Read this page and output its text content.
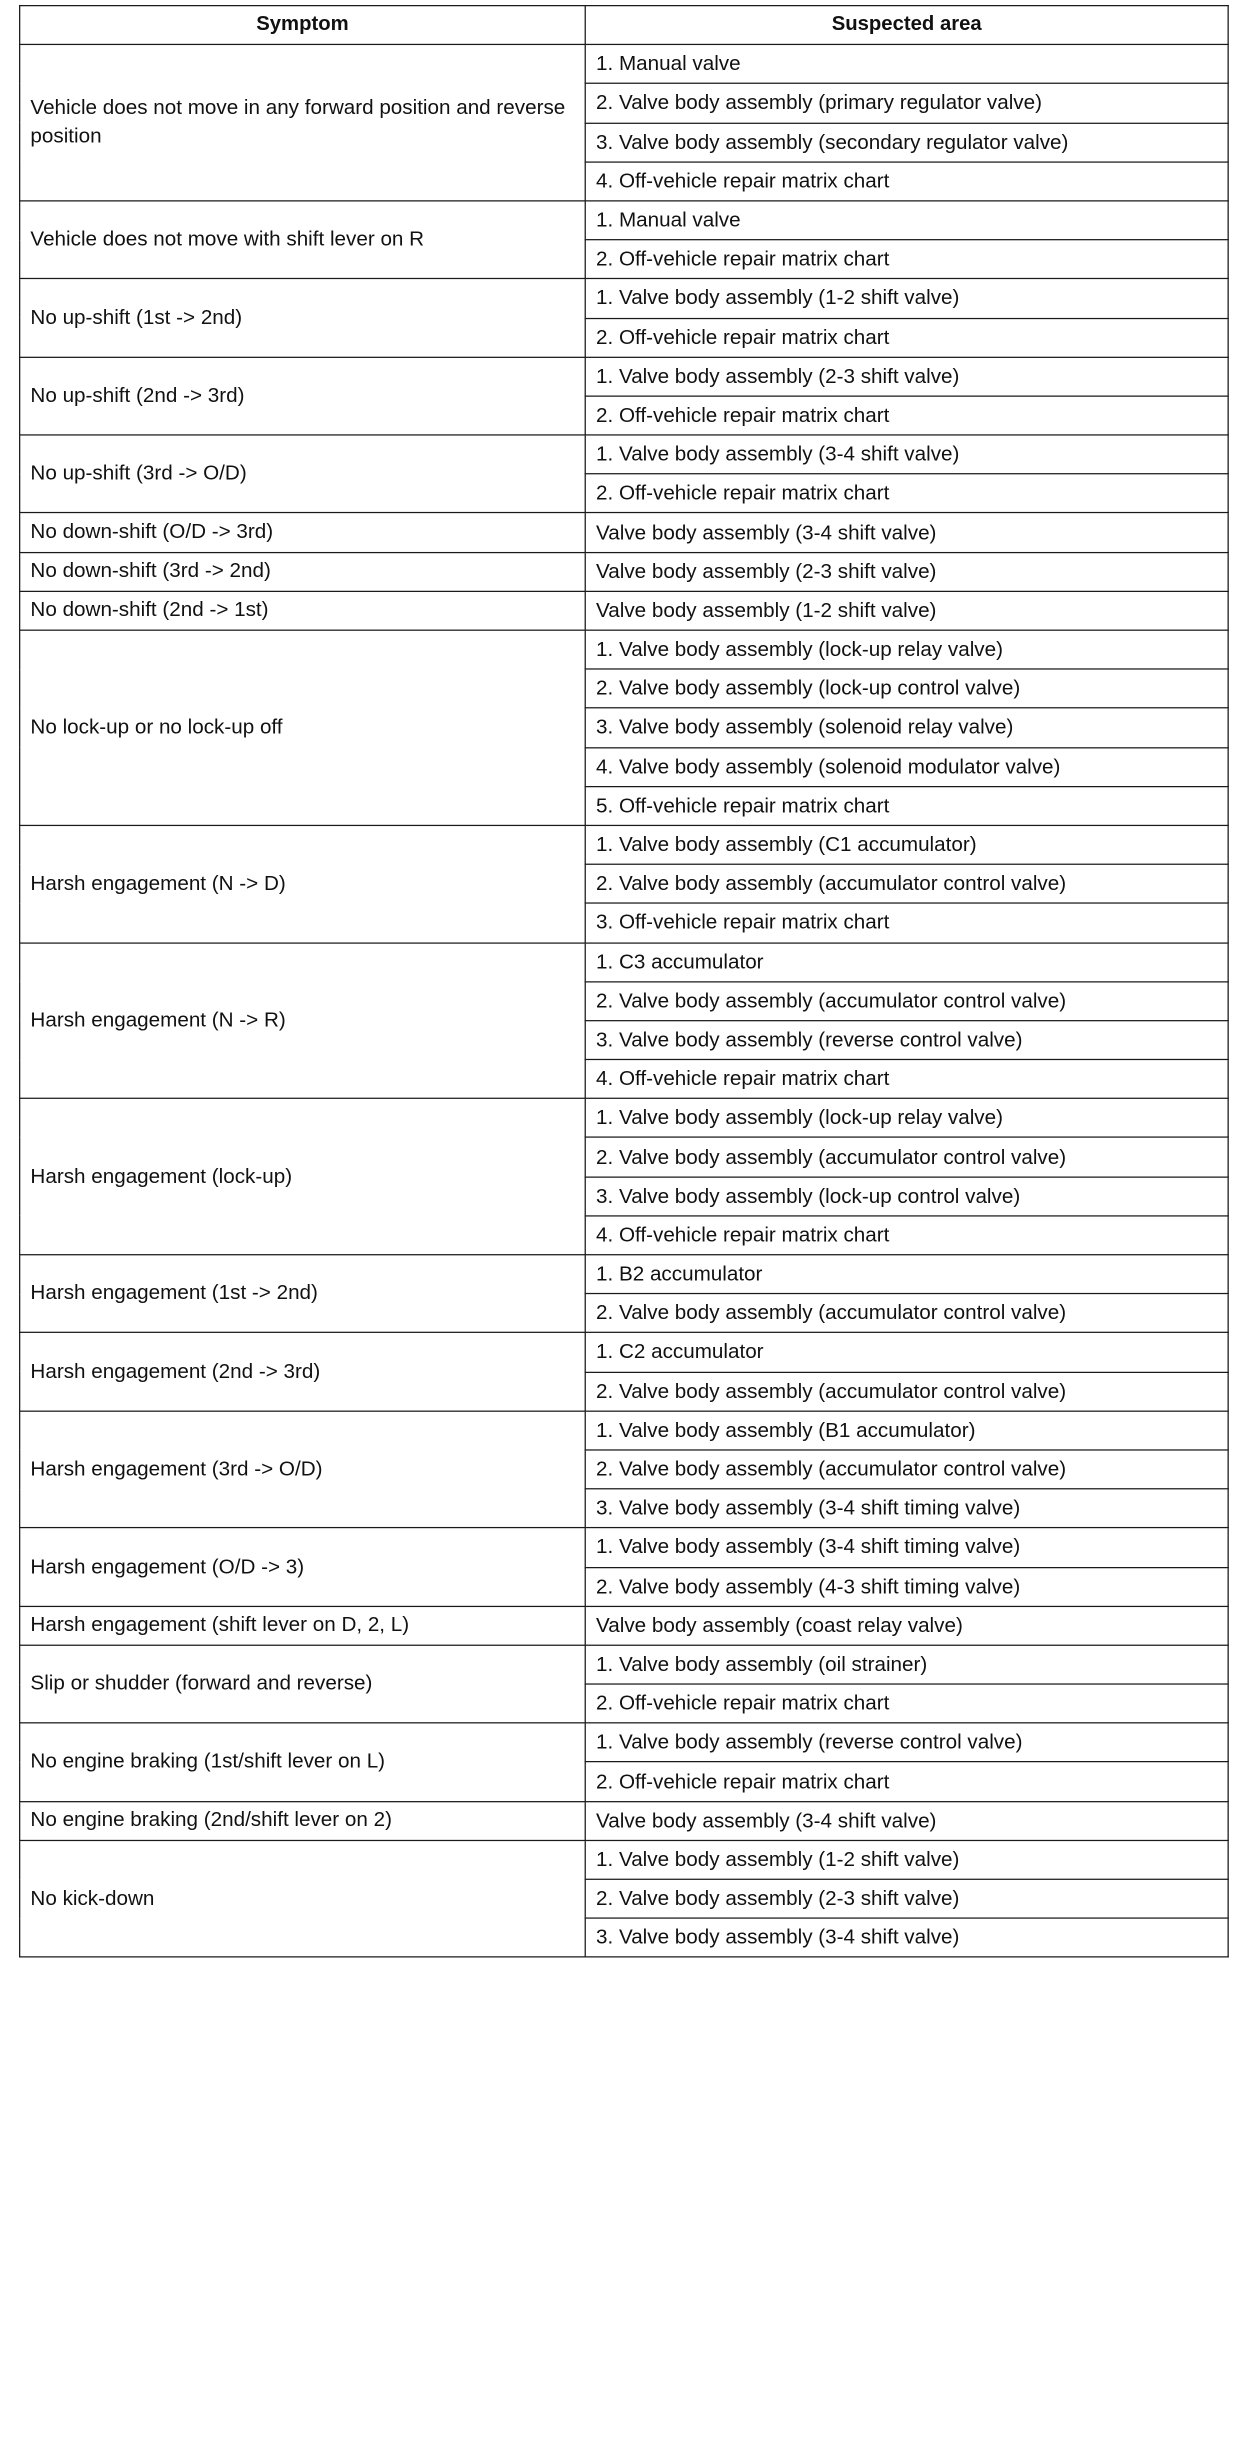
Symptom	Suspected area
Vehicle does not move in any forward position and reverse position	1. Manual valve
	2. Valve body assembly (primary regulator valve)
	3. Valve body assembly (secondary regulator valve)
	4. Off-vehicle repair matrix chart
Vehicle does not move with shift lever on R	1. Manual valve
	2. Off-vehicle repair matrix chart
No up-shift (1st -> 2nd)	1. Valve body assembly (1-2 shift valve)
	2. Off-vehicle repair matrix chart
No up-shift (2nd -> 3rd)	1. Valve body assembly (2-3 shift valve)
	2. Off-vehicle repair matrix chart
No up-shift (3rd -> O/D)	1. Valve body assembly (3-4 shift valve)
	2. Off-vehicle repair matrix chart
No down-shift (O/D -> 3rd)	Valve body assembly (3-4 shift valve)
No down-shift (3rd -> 2nd)	Valve body assembly (2-3 shift valve)
No down-shift (2nd -> 1st)	Valve body assembly (1-2 shift valve)
No lock-up or no lock-up off	1. Valve body assembly (lock-up relay valve)
	2. Valve body assembly (lock-up control valve)
	3. Valve body assembly (solenoid relay valve)
	4. Valve body assembly (solenoid modulator valve)
	5. Off-vehicle repair matrix chart
Harsh engagement (N -> D)	1. Valve body assembly (C1 accumulator)
	2. Valve body assembly (accumulator control valve)
	3. Off-vehicle repair matrix chart
Harsh engagement (N -> R)	1. C3 accumulator
	2. Valve body assembly (accumulator control valve)
	3. Valve body assembly (reverse control valve)
	4. Off-vehicle repair matrix chart
Harsh engagement (lock-up)	1. Valve body assembly (lock-up relay valve)
	2. Valve body assembly (accumulator control valve)
	3. Valve body assembly (lock-up control valve)
	4. Off-vehicle repair matrix chart
Harsh engagement (1st -> 2nd)	1. B2 accumulator
	2. Valve body assembly (accumulator control valve)
Harsh engagement (2nd -> 3rd)	1. C2 accumulator
	2. Valve body assembly (accumulator control valve)
Harsh engagement (3rd -> O/D)	1. Valve body assembly (B1 accumulator)
	2. Valve body assembly (accumulator control valve)
	3. Valve body assembly (3-4 shift timing valve)
Harsh engagement (O/D -> 3)	1. Valve body assembly (3-4 shift timing valve)
	2. Valve body assembly (4-3 shift timing valve)
Harsh engagement (shift lever on D, 2, L)	Valve body assembly (coast relay valve)
Slip or shudder (forward and reverse)	1. Valve body assembly (oil strainer)
	2. Off-vehicle repair matrix chart
No engine braking (1st/shift lever on L)	1. Valve body assembly (reverse control valve)
	2. Off-vehicle repair matrix chart
No engine braking (2nd/shift lever on 2)	Valve body assembly (3-4 shift valve)
No kick-down	1. Valve body assembly (1-2 shift valve)
	2. Valve body assembly (2-3 shift valve)
	3. Valve body assembly (3-4 shift valve)
